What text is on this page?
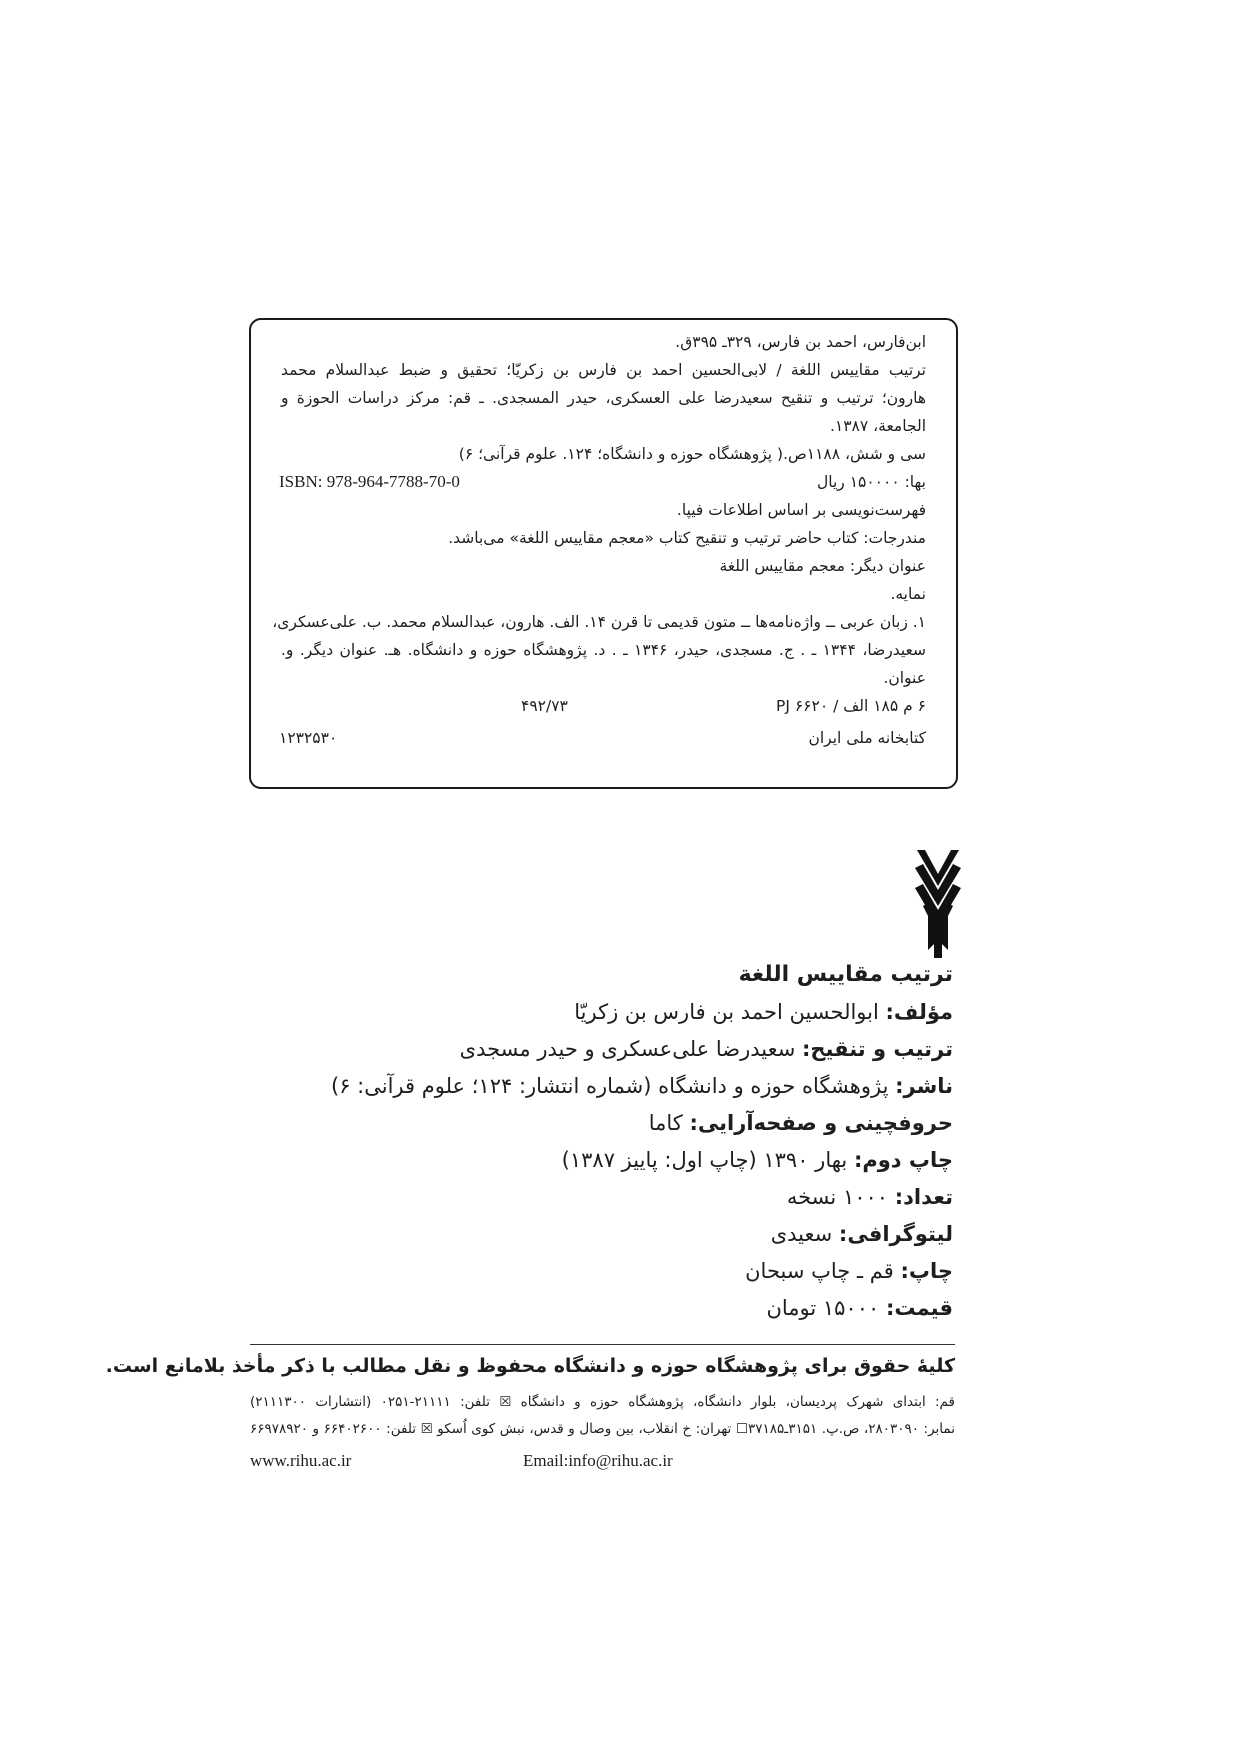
ابن‌فارس، احمد بن فارس، ۳۲۹ـ ۳۹۵ق.
ترتیب مقاییس اللغة / لابی‌الحسین احمد بن فارس بن زکریّا؛ تحقیق و ضبط عبدالسلام محمد
هارون؛ ترتیب و تنقیح سعیدرضا علی العسکری، حیدر المسجدی. ـ قم: مرکز دراسات الحوزة و
الجامعة، ۱۳۸۷.
سی و شش، ۱۱۸۸ص.( پژوهشگاه حوزه و دانشگاه؛ ۱۲۴. علوم قرآنی؛ ۶)
بها: ۱۵۰۰۰۰ ریال
ISBN: 978-964-7788-70-0
فهرست‌نویسی بر اساس اطلاعات فیپا.
مندرجات: کتاب حاضر ترتیب و تنقیح کتاب «معجم مقاییس اللغة» می‌باشد.
عنوان دیگر: معجم مقاییس اللغة
نمایه.
۱. زبان عربی ــ واژه‌نامه‌ها ــ متون قدیمی تا قرن ۱۴. الف. هارون، عبدالسلام محمد. ب. علی‌عسکری،
سعیدرضا، ۱۳۴۴ ـ . ج. مسجدی، حیدر، ۱۳۴۶ ـ . د. پژوهشگاه حوزه و دانشگاه. هـ. عنوان دیگر. و.
عنوان.
۶ م ۱۸۵ الف / ۶۶۲۰ PJ
۴۹۲/۷۳
کتابخانه ملی ایران
۱۲۳۲۵۳۰
ترتیب مقاییس اللغة
مؤلف: ابوالحسین احمد بن فارس بن زکریّا
ترتیب و تنقیح: سعیدرضا علی‌عسکری و حیدر مسجدی
ناشر: پژوهشگاه حوزه و دانشگاه (شماره انتشار: ۱۲۴؛ علوم قرآنی: ۶)
حروفچینی و صفحه‌آرایی: کاما
چاپ دوم: بهار ۱۳۹۰ (چاپ اول: پاییز ۱۳۸۷)
تعداد: ۱۰۰۰ نسخه
لیتوگرافی: سعیدی
چاپ: قم ـ چاپ سبحان
قیمت: ۱۵۰۰۰ تومان
کلیهٔ حقوق برای پژوهشگاه حوزه و دانشگاه محفوظ و نقل مطالب با ذکر مأخذ بلامانع است.
قم: ابتدای شهرک پردیسان، بلوار دانشگاه، پژوهشگاه حوزه و دانشگاه ☒ تلفن: ۲۱۱۱۱-۰۲۵۱ (انتشارات ۲۱۱۱۳۰۰)
نمابر: ۲۸۰۳۰۹۰، ص.پ. ۳۱۵۱ـ۳۷۱۸۵☐ تهران: خ انقلاب، بین وصال و قدس، نبش کوی اُسکو ☒ تلفن: ۶۶۴۰۲۶۰۰ و ۶۶۹۷۸۹۲۰
www.rihu.ac.ir	Email:info@rihu.ac.ir
